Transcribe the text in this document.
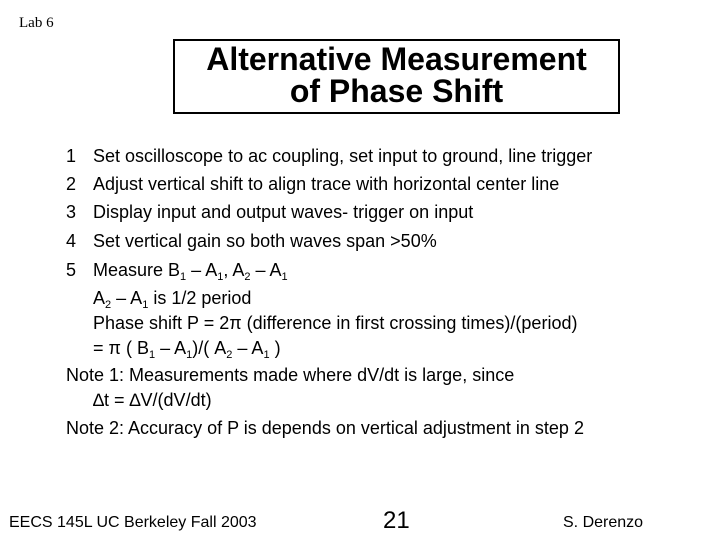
Lab 6
Alternative Measurement
of Phase Shift
1 Set oscilloscope to ac coupling, set input to ground, line trigger
2 Adjust vertical shift to align trace with horizontal center line
3 Display input and output waves- trigger on input
4 Set vertical gain so both waves span >50%
5 Measure $B_1 - A_1$, $A_2 - A_1$
$A_2 - A_1$ is 1/2 period
Phase shift P = 2π (difference in first crossing times)/(period)
= π ( $B_1 - A_1)/$( $A_2 - A_1$ )
Note 1: Measurements made where dV/dt is large, since
∆t = ∆V/(dV/dt)
Note 2: Accuracy of P is depends on vertical adjustment in step 2
EECS 145L UC Berkeley Fall 2003	21	S. Derenzo
